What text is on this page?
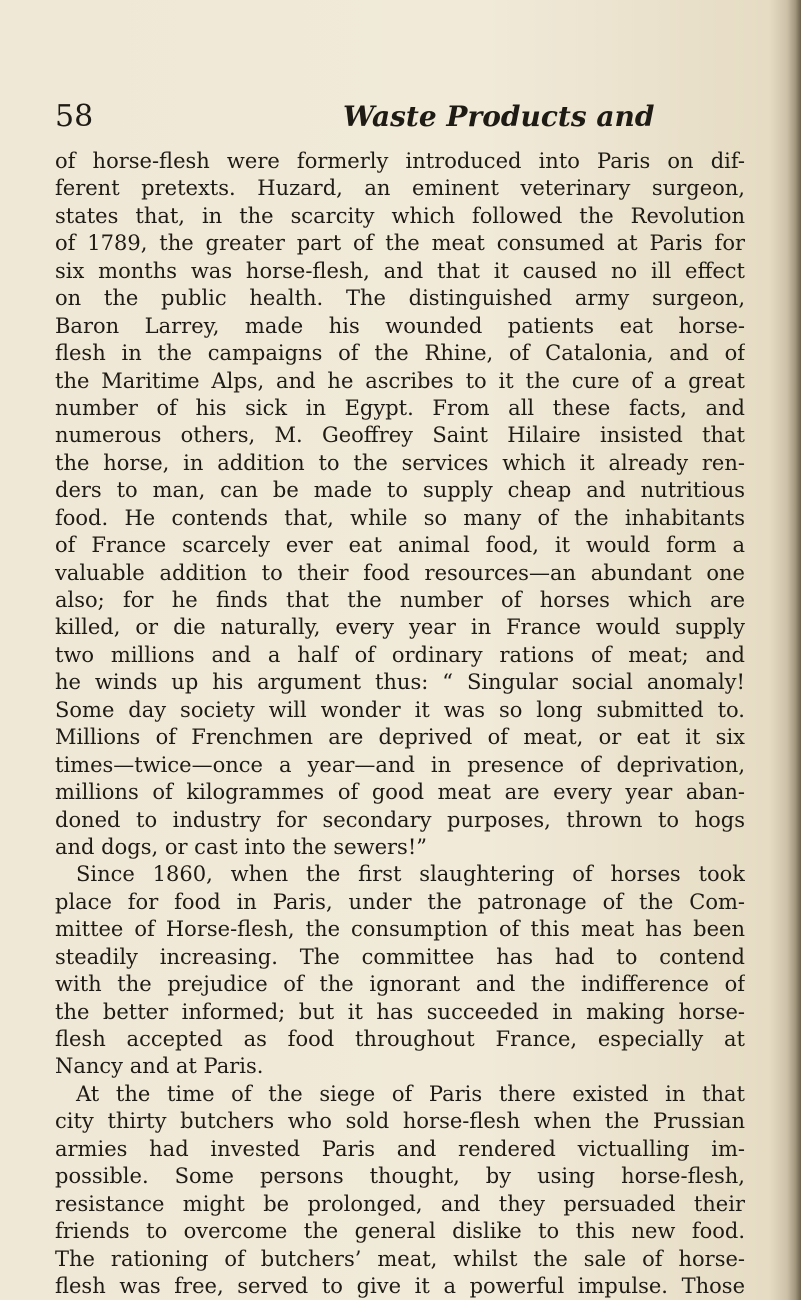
58	Waste Products and
of horse-flesh were formerly introduced into Paris on dif-
ferent pretexts. Huzard, an eminent veterinary surgeon,
states that, in the scarcity which followed the Revolution
of 1789, the greater part of the meat consumed at Paris for
six months was horse-flesh, and that it caused no ill effect
on the public health. The distinguished army surgeon,
Baron Larrey, made his wounded patients eat horse-
flesh in the campaigns of the Rhine, of Catalonia, and of
the Maritime Alps, and he ascribes to it the cure of a great
number of his sick in Egypt. From all these facts, and
numerous others, M. Geoffrey Saint Hilaire insisted that
the horse, in addition to the services which it already ren-
ders to man, can be made to supply cheap and nutritious
food. He contends that, while so many of the inhabitants
of France scarcely ever eat animal food, it would form a
valuable addition to their food resources—an abundant one
also; for he finds that the number of horses which are
killed, or die naturally, every year in France would supply
two millions and a half of ordinary rations of meat; and
he winds up his argument thus: “ Singular social anomaly!
Some day society will wonder it was so long submitted to.
Millions of Frenchmen are deprived of meat, or eat it six
times—twice—once a year—and in presence of deprivation,
millions of kilogrammes of good meat are every year aban-
doned to industry for secondary purposes, thrown to hogs
and dogs, or cast into the sewers!”
Since 1860, when the first slaughtering of horses took
place for food in Paris, under the patronage of the Com-
mittee of Horse-flesh, the consumption of this meat has been
steadily increasing. The committee has had to contend
with the prejudice of the ignorant and the indifference of
the better informed; but it has succeeded in making horse-
flesh accepted as food throughout France, especially at
Nancy and at Paris.
At the time of the siege of Paris there existed in that
city thirty butchers who sold horse-flesh when the Prussian
armies had invested Paris and rendered victualling im-
possible. Some persons thought, by using horse-flesh,
resistance might be prolonged, and they persuaded their
friends to overcome the general dislike to this new food.
The rationing of butchers’ meat, whilst the sale of horse-
flesh was free, served to give it a powerful impulse. Those
